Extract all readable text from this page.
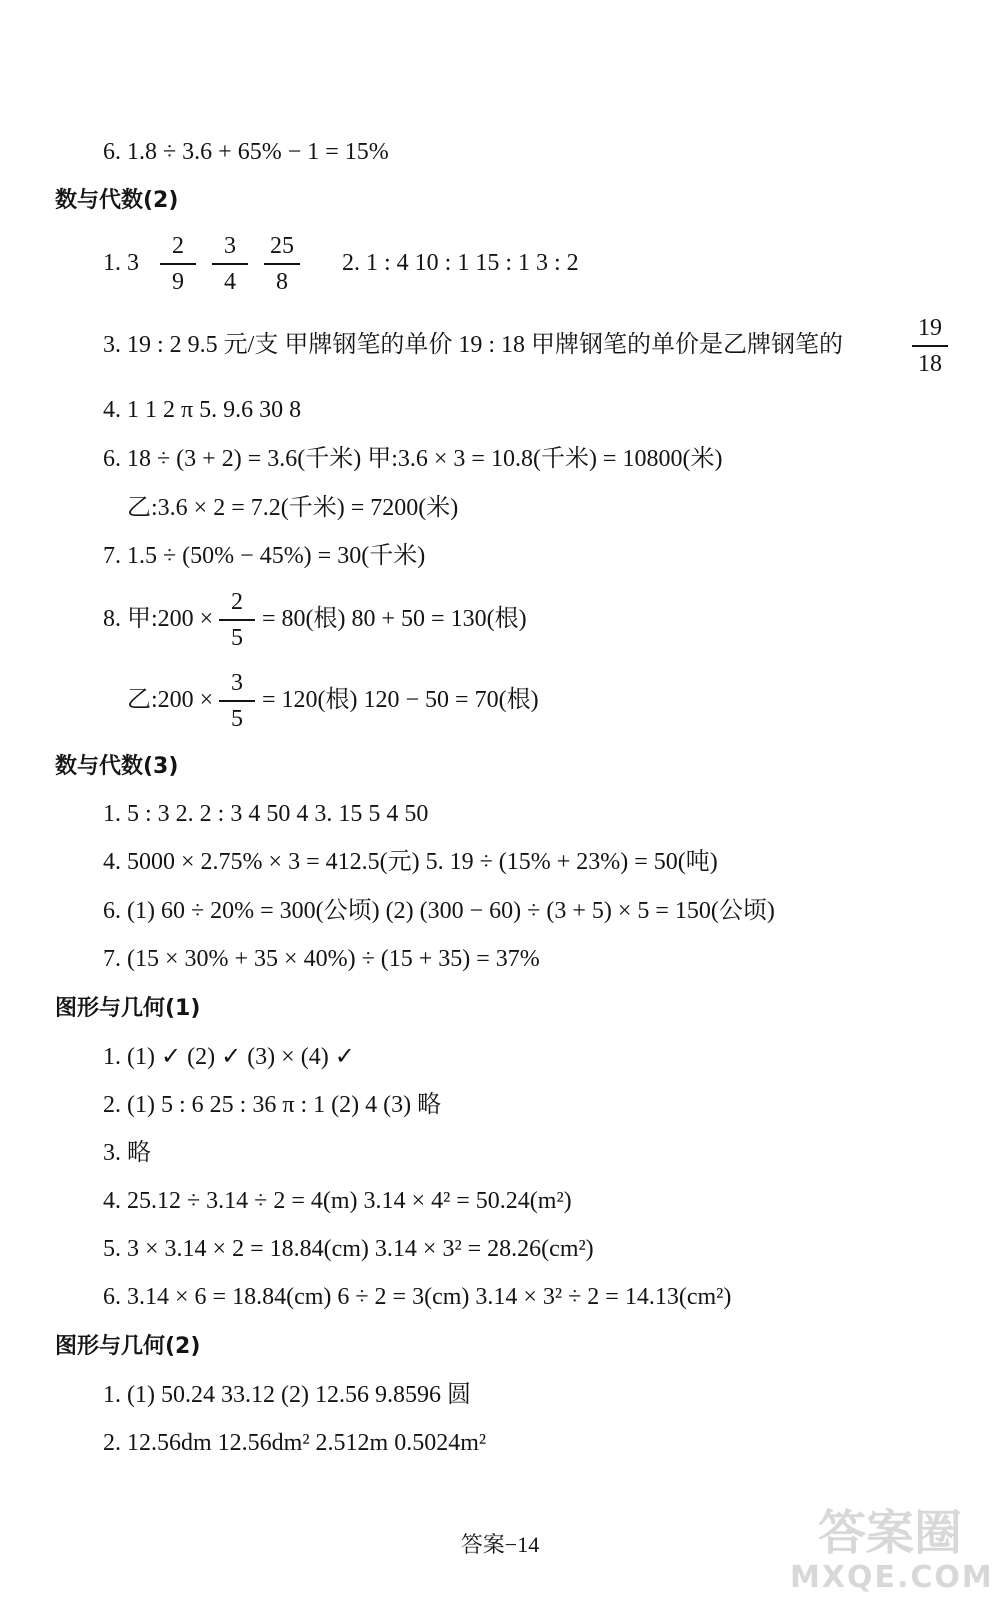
6. 1.8 ÷ 3.6 + 65% − 1 = 15%
数与代数(2)
1. 3
2
9
3
4
25
8
2. 1 : 4 10 : 1 15 : 1 3 : 2
3. 19 : 2 9.5 元/支 甲牌钢笔的单价 19 : 18 甲牌钢笔的单价是乙牌钢笔的
19
18
4. 1 1 2 π 5. 9.6 30 8
6. 18 ÷ (3 + 2) = 3.6(千米) 甲:3.6 × 3 = 10.8(千米) = 10800(米)
乙:3.6 × 2 = 7.2(千米) = 7200(米)
7. 1.5 ÷ (50% − 45%) = 30(千米)
8. 甲:200 ×
2
5
= 80(根) 80 + 50 = 130(根)
乙:200 ×
3
5
= 120(根) 120 − 50 = 70(根)
数与代数(3)
1. 5 : 3 2. 2 : 3 4 50 4 3. 15 5 4 50
4. 5000 × 2.75% × 3 = 412.5(元) 5. 19 ÷ (15% + 23%) = 50(吨)
6. (1) 60 ÷ 20% = 300(公顷) (2) (300 − 60) ÷ (3 + 5) × 5 = 150(公顷)
7. (15 × 30% + 35 × 40%) ÷ (15 + 35) = 37%
图形与几何(1)
1. (1) ✓ (2) ✓ (3) × (4) ✓
2. (1) 5 : 6 25 : 36 π : 1 (2) 4 (3) 略
3. 略
4. 25.12 ÷ 3.14 ÷ 2 = 4(m) 3.14 × 4² = 50.24(m²)
5. 3 × 3.14 × 2 = 18.84(cm) 3.14 × 3² = 28.26(cm²)
6. 3.14 × 6 = 18.84(cm) 6 ÷ 2 = 3(cm) 3.14 × 3² ÷ 2 = 14.13(cm²)
图形与几何(2)
1. (1) 50.24 33.12 (2) 12.56 9.8596 圆
2. 12.56dm 12.56dm² 2.512m 0.5024m²
答案−14	答案圈
MXQE.COM
